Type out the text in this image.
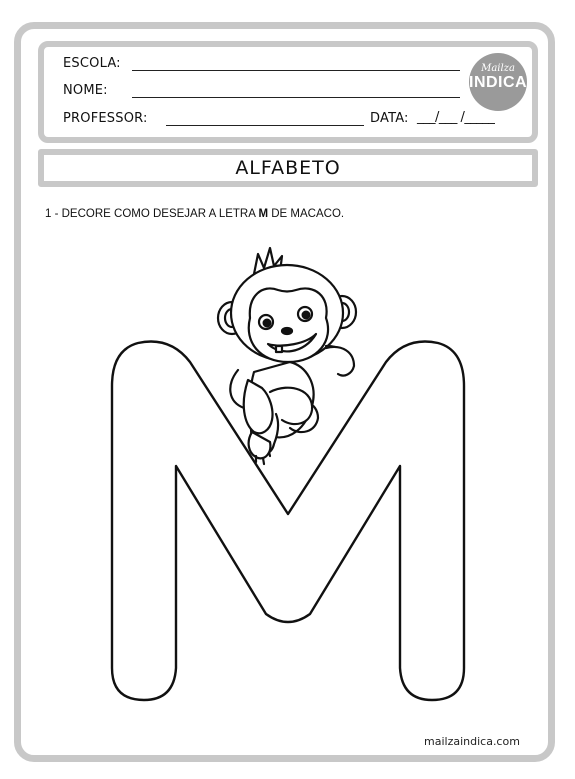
ESCOLA:
NOME:
PROFESSOR:	DATA: ___/___ /_____
Mailza
INDICA
ALFABETO
1 - DECORE COMO DESEJAR A LETRA M DE MACACO.
mailzaindica.com
